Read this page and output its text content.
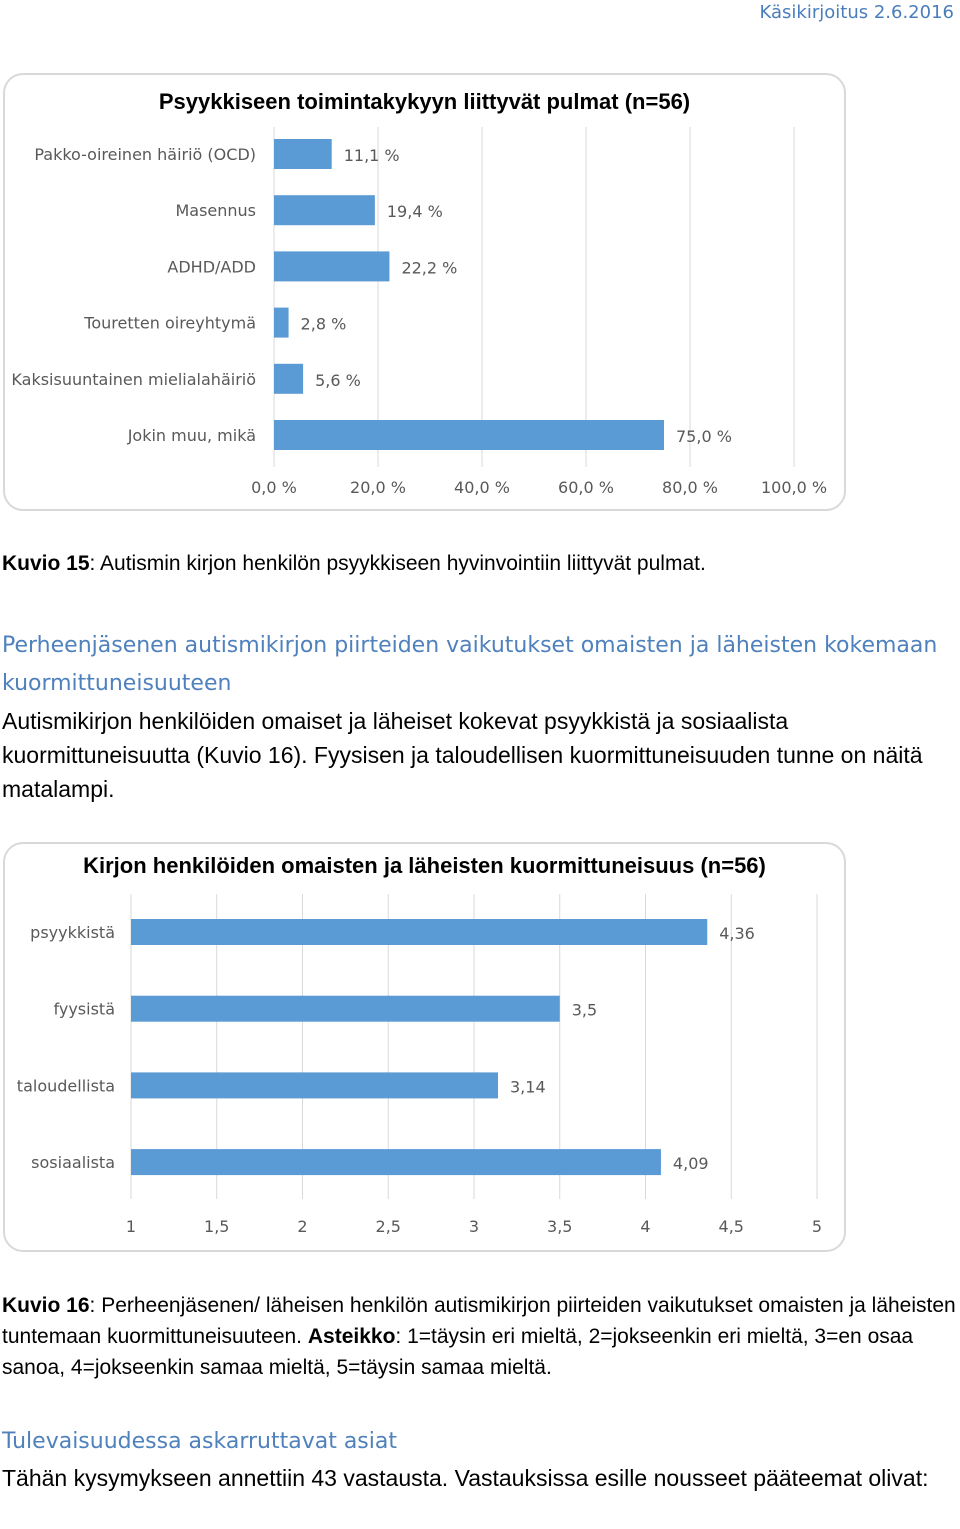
Käsikirjoitus 2.6.2016
Psyykkiseen toimintakykyyn liittyvät pulmat (n=56)
0,0 %	20,0 %	40,0 %	60,0 %	80,0 %	100,0 %
Pakko-oireinen häiriö (OCD)	11,1 %
Masennus	19,4 %
ADHD/ADD	22,2 %
Touretten oireyhtymä	2,8 %
Kaksisuuntainen mielialahäiriö	5,6 %
Jokin muu, mikä	75,0 %
Kuvio 15: Autismin kirjon henkilön psyykkiseen hyvinvointiin liittyvät pulmat.
Perheenjäsenen autismikirjon piirteiden vaikutukset omaisten ja läheisten kokemaan
kuormittuneisuuteen
Autismikirjon henkilöiden omaiset ja läheiset kokevat psyykkistä ja sosiaalista kuormittuneisuutta (Kuvio 16). Fyysisen ja taloudellisen kuormittuneisuuden tunne on näitä matalampi.
Kirjon henkilöiden omaisten ja läheisten kuormittuneisuus (n=56)
1	1,5	2	2,5	3	3,5	4	4,5	5
psyykkistä	4,36
fyysistä	3,5
taloudellista	3,14
sosiaalista	4,09
Kuvio 16: Perheenjäsenen/ läheisen henkilön autismikirjon piirteiden vaikutukset omaisten ja läheisten tuntemaan kuormittuneisuuteen. Asteikko: 1=täysin eri mieltä, 2=jokseenkin eri mieltä, 3=en osaa sanoa, 4=jokseenkin samaa mieltä, 5=täysin samaa mieltä.
Tulevaisuudessa askarruttavat asiat
Tähän kysymykseen annettiin 43 vastausta. Vastauksissa esille nousseet pääteemat olivat:
